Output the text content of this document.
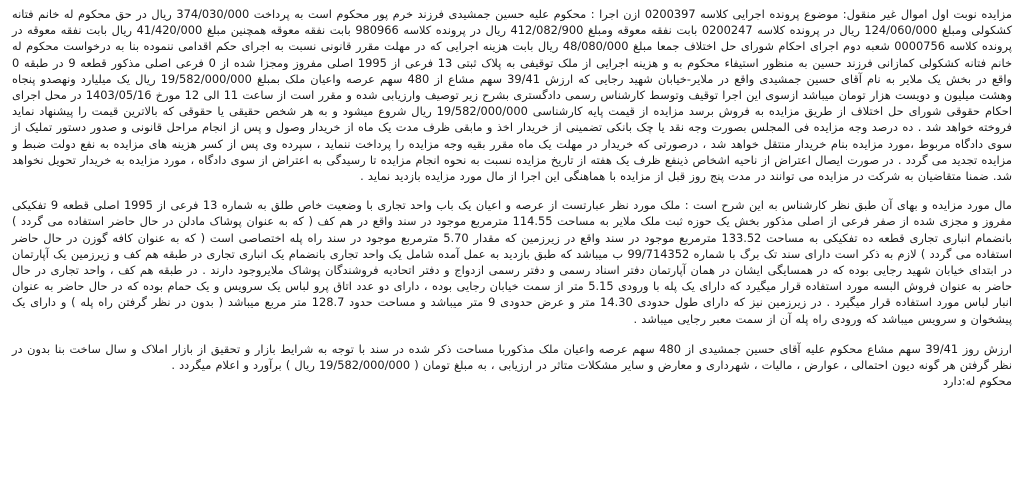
مزایده نوبت اول اموال غیر منقول: موضوع پرونده اجرایی کلاسه 0200397 ازن اجرا : محکوم علیه حسین جمشیدی فرزند خرم پور محکوم است به پرداخت 374/030/000 ریال در حق محکوم له خانم فتانه کشکولی ومبلغ 124/060/000 ریال در پرونده کلاسه 0200247 بابت نفقه معوقه ومبلغ 412/082/900 ریال در پرونده کلاسه 980966 بابت نفقه معوقه همچنین مبلغ 41/420/000 ریال بابت نفقه معوقه در پرونده کلاسه 0000756 شعبه دوم اجرای احکام شورای حل اختلاف جمعا مبلغ 48/080/000 ریال بابت هزینه اجرایی که در مهلت مقرر قانونی نسبت به اجرای حکم اقدامی ننموده بنا به درخواست محکوم له خانم فتانه کشکولی کمازانی فرزند حسین به منظور استیفاء محکوم به و هزینه اجرایی از ملک توقیفی به پلاک ثبتی 13 فرعی از 1995 اصلی مفروز ومجزا شده از 0 فرعی اصلی مذکور قطعه 9 در طبقه 0 واقع در بخش یک ملایر به نام آقای حسین جمشیدی واقع در ملایر-خیابان شهید رجایی که ارزش 39/41 سهم مشاع از 480 سهم عرصه واعیان ملک بمبلغ 19/582/000/000 ریال یک میلیارد ونهصدو پنجاه وهشت میلیون و دویست هزار تومان میباشد ازسوی این اجرا توقیف وتوسط کارشناس رسمی دادگستری بشرح زیر توصیف وارزیابی شده و مقرر است از ساعت 11 الی 12 مورخ 1403/05/16 در محل اجرای احکام حقوقی شورای حل اختلاف از طریق مزایده به فروش برسد مزایده از قیمت پایه کارشناسی 19/582/000/000 ریال شروع میشود و به هر شخص حقیقی یا حقوقی که بالاترین قیمت را پیشنهاد نماید فروخته خواهد شد . ده درصد وجه مزایده فی المجلس بصورت وجه نقد یا چک بانکی تضمینی از خریدار اخذ و مابقی ظرف مدت یک ماه از خریدار وصول و پس از انجام مراحل قانونی و صدور دستور تملیک از سوی دادگاه مربوط ،مورد مزایده بنام خریدار منتقل خواهد شد ، درصورتی که خریدار در مهلت یک ماه مقرر بقیه وجه مزایده را پرداخت ننماید ، سپرده وی پس از کسر هزینه های مزایده به نفع دولت ضبط و مزایده تجدید می گردد . در صورت ایصال اعتراض از ناحیه اشخاص ذینفع ظرف یک هفته از تاریخ مزایده نسبت به نحوه انجام مزایده تا رسیدگی به اعتراض از سوی دادگاه ، مورد مزایده به خریدار تحویل نخواهد شد. ضمنا متقاضیان به شرکت در مزایده می توانند در مدت پنج روز قبل از مزایده با هماهنگی این اجرا از مال مورد مزایده بازدید نماید .

مال مورد مزایده و بهای آن طبق نظر کارشناس به این شرح است : ملک مورد نظر عبارتست از عرصه و اعیان یک باب واحد تجاری با وضعیت خاص طلق به شماره 13 فرعی از 1995 اصلی قطعه 9 تفکیکی مفروز و مجزی شده از صفر فرعی از اصلی مذکور بخش یک حوزه ثبت ملک ملایر به مساحت 114.55 مترمربع موجود در سند واقع در هم کف ( که به عنوان پوشاک مادلن در حال حاضر استفاده می گردد ) بانضمام انباری تجاری قطعه ده تفکیکی به مساحت 133.52 مترمربع موجود در سند واقع در زیرزمین که مقدار 5.70 مترمربع موجود در سند راه پله اختصاصی است ( که به عنوان کافه گوزن در حال حاضر استفاده می گردد ) لازم به ذکر است دارای سند تک برگ با شماره 99/714352 ب میباشد که طبق بازدید به عمل آمده شامل یک واحد تجاری بانضمام یک انباری تجاری در طبقه هم کف و زیرزمین یک آپارتمان در ابتدای خیابان شهید رجایی بوده که در همسایگی ایشان در همان آپارتمان دفتر اسناد رسمی و دفتر رسمی ازدواج و دفتر اتحادیه فروشندگان پوشاک ملایروجود دارند . در طبقه هم کف ، واحد تجاری در حال حاضر به عنوان فروش البسه مورد استفاده قرار میگیرد که دارای یک پله با ورودی 5.15 متر از سمت خیابان رجایی بوده ، دارای دو عدد اتاق پرو لباس یک سرویس و یک حمام بوده که در حال حاضر به عنوان انبار لباس مورد استفاده قرار میگیرد . در زیرزمین نیز که دارای طول حدودی 14.30 متر و عرض حدودی 9 متر میباشد و مساحت حدود 128.7 متر مربع میباشد ( بدون در نظر گرفتن راه پله ) و دارای یک پیشخوان و سرویس میباشد که ورودی راه پله آن از سمت معبر رجایی میباشد .

ارزش روز 39/41 سهم مشاع محکوم علیه آقای حسین جمشیدی از 480 سهم عرصه واعیان ملک مذکوربا مساحت ذکر شده در سند با توجه به شرایط بازار و تحقیق از بازار املاک و سال ساخت بنا بدون در نظر گرفتن هر گونه دیون احتمالی ، عوارض ، مالیات ، شهرداری و معارض و سایر مشکلات متاثر در ارزیابی ، به مبلغ تومان ( 19/582/000/000 ریال ) برآورد و اعلام میگردد .

محکوم له:دارد
